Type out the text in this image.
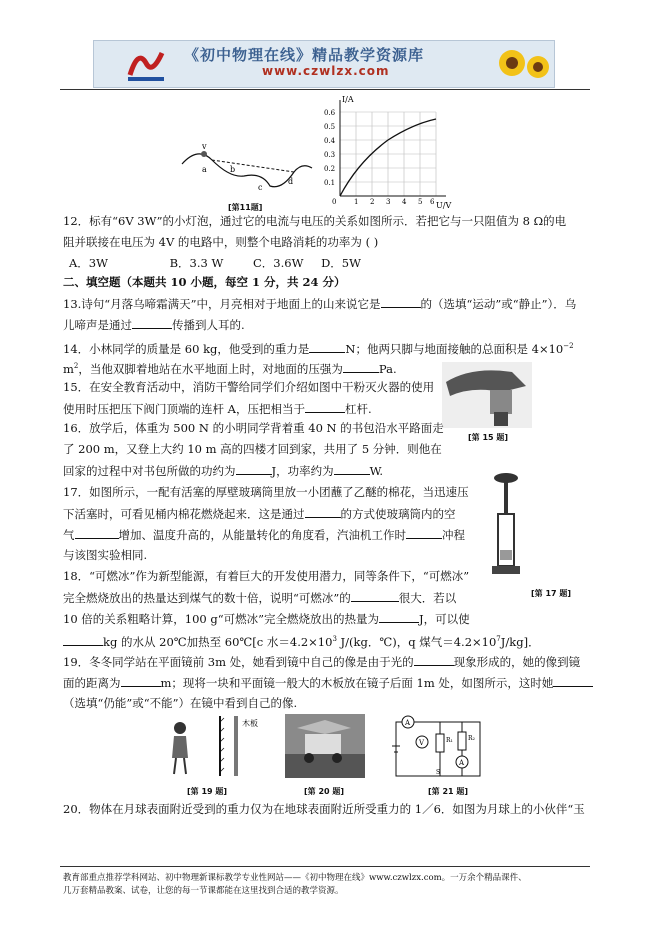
《初中物理在线》精品教学资源库
www.czwlzx.com
v
a	b
c
d
[第11题]
I/A
U/V
0.6
0.5
0.4
0.3
0.2
0.1
0	1 2 3 4 5 6
12．标有“6V 3W”的小灯泡，通过它的电流与电压的关系如图所示．若把它与一只阻值为 8 Ω的电
阻并联接在电压为 4V 的电路中，则整个电路消耗的功率为 ( )
A．3W	B．3.3 W	C．3.6W D．5W
二、填空题（本题共 10 小题，每空 1 分，共 24 分）
13.诗句“月落乌啼霜满天”中，月亮相对于地面上的山来说它是	的（选填“运动”或“静止”）．乌
儿啼声是通过	传播到人耳的.
14．小林同学的质量是 60 kg，他受到的重力是	N；他两只脚与地面接触的总面积是 $4\times 10^{-2}$
$m^2$，当他双脚着地站在水平地面上时，对地面的压强为	Pa.
15．在安全教育活动中，消防干警给同学们介绍如图中干粉灭火器的使用
使用时压把压下阀门顶端的连杆 A，压把相当于	杠杆.
[第 15 题]
16．放学后，体重为 500 N 的小明同学背着重 40 N 的书包沿水平路面走
了 200 m，又登上大约 10 m 高的四楼才回到家，共用了 5 分钟．则他在
回家的过程中对书包所做的功约为	J，功率约为	W.
17．如图所示，一配有活塞的厚壁玻璃筒里放一小团蘸了乙醚的棉花，当迅速压
下活塞时，可看见桶内棉花燃烧起来．这是通过	的方式使玻璃筒内的空
气	增加、温度升高的，从能量转化的角度看，汽油机工作时	冲程
与该图实验相同.
[第 17 题]
18．“可燃冰”作为新型能源，有着巨大的开发使用潜力，同等条件下，“可燃冰”
完全燃烧放出的热量达到煤气的数十倍，说明“可燃冰”的	很大．若以
10 倍的关系粗略计算，100 g“可燃冰”完全燃烧放出的热量为	J，可以使
kg 的水从 20℃加热至 60℃[c 水$=4.2\times 10^3$ J/(kg．℃)，q 煤气$=4.2\times 10^7J/kg$]．
19．冬冬同学站在平面镜前 3m 处，她看到镜中自己的像是由于光的	现象形成的，她的像到镜
面的距离为	m；现将一块和平面镜一般大的木板放在镜子后面 1m 处，如图所示，这时她
（选填“仍能”或“不能”）在镜中看到自己的像.
木板
[第 19 题]	[第 20 题]
A
V	R₁	R₂
A
S
[第 21 题]
20．物体在月球表面附近受到的重力仅为在地球表面附近所受重力的 1／6．如图为月球上的小伙伴“玉
教育部重点推荐学科网站、初中物理新课标教学专业性网站——《初中物理在线》www.czwlzx.com。一万余个精品课件、
几万套精品教案、试卷，让您的每一节课都能在这里找到合适的教学资源。
